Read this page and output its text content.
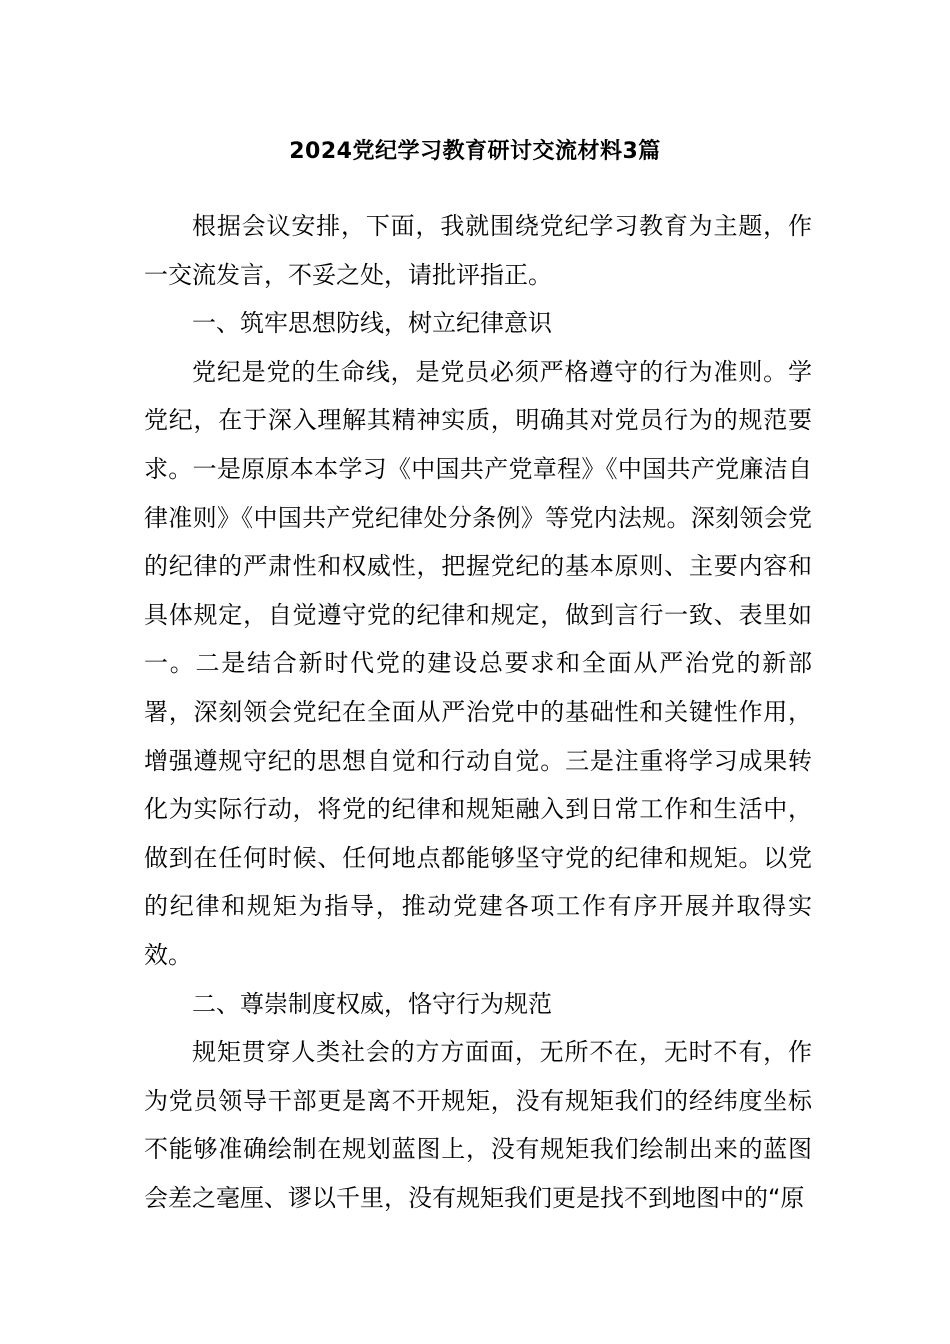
2024党纪学习教育研讨交流材料3篇

根据会议安排，下面，我就围绕党纪学习教育为主题，作一交流发言，不妥之处，请批评指正。

一、筑牢思想防线，树立纪律意识

党纪是党的生命线，是党员必须严格遵守的行为准则。学党纪，在于深入理解其精神实质，明确其对党员行为的规范要求。一是原原本本学习《中国共产党章程》《中国共产党廉洁自律准则》《中国共产党纪律处分条例》等党内法规。深刻领会党的纪律的严肃性和权威性，把握党纪的基本原则、主要内容和具体规定，自觉遵守党的纪律和规定，做到言行一致、表里如一。二是结合新时代党的建设总要求和全面从严治党的新部署，深刻领会党纪在全面从严治党中的基础性和关键性作用，增强遵规守纪的思想自觉和行动自觉。三是注重将学习成果转化为实际行动，将党的纪律和规矩融入到日常工作和生活中，做到在任何时候、任何地点都能够坚守党的纪律和规矩。以党的纪律和规矩为指导，推动党建各项工作有序开展并取得实效。

二、尊崇制度权威，恪守行为规范

规矩贯穿人类社会的方方面面，无所不在，无时不有，作为党员领导干部更是离不开规矩，没有规矩我们的经纬度坐标不能够准确绘制在规划蓝图上，没有规矩我们绘制出来的蓝图会差之毫厘、谬以千里，没有规矩我们更是找不到地图中的“原
